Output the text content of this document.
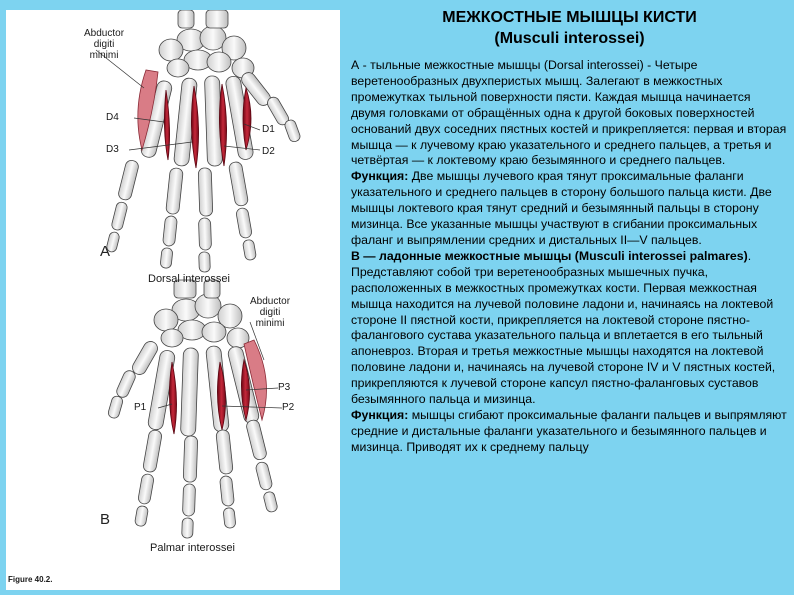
Abductor
digiti
minimi
D4
D3
D1
D2
A
Dorsal interossei
Abductor
digiti
minimi
P3
P1	P2
B
Palmar interossei
Figure 40.2.
МЕЖКОСТНЫЕ МЫШЦЫ КИСТИ
(Musculi interossei)

А - тыльные межкостные мышцы (Dorsal interossei) - Четыре веретенообразных двухперистых мышц. Залегают в межкостных промежутках тыльной поверхности пясти. Каждая мышца начинается двумя головками от обращённых одна к другой боковых поверхностей оснований двух соседних пястных костей и прикрепляется: первая и вторая мышца — к лучевому краю указательного и среднего пальцев, а третья и четвёртая — к локтевому краю безымянного и среднего пальцев.
Функция: Две мышцы лучевого края тянут проксимальные фаланги указательного и среднего пальцев в сторону большого пальца кисти. Две мышцы локтевого края тянут средний и безымянный пальцы в сторону мизинца. Все указанные мышцы участвуют в сгибании проксимальных фаланг и выпрямлении средних и дистальных II—V пальцев.
В — ладонные межкостные мышцы (Musculi interossei palmares). Представляют собой три веретенообразных мышечных пучка, расположенных в межкостных промежутках кости. Первая межкостная мышца находится на лучевой половине ладони и, начинаясь на локтевой стороне II пястной кости, прикрепляется на локтевой стороне пястно-фалангового сустава указательного пальца и вплетается в его тыльный апоневроз. Вторая и третья межкостные мышцы находятся на локтевой половине ладони и, начинаясь на лучевой стороне IV и V пястных костей, прикрепляются к лучевой стороне капсул пястно-фаланговых суставов безымянного пальца и мизинца.
Функция: мышцы сгибают проксимальные фаланги пальцев и выпрямляют средние и дистальные фаланги указательного и безымянного пальцев и мизинца. Приводят их к среднему пальцу
